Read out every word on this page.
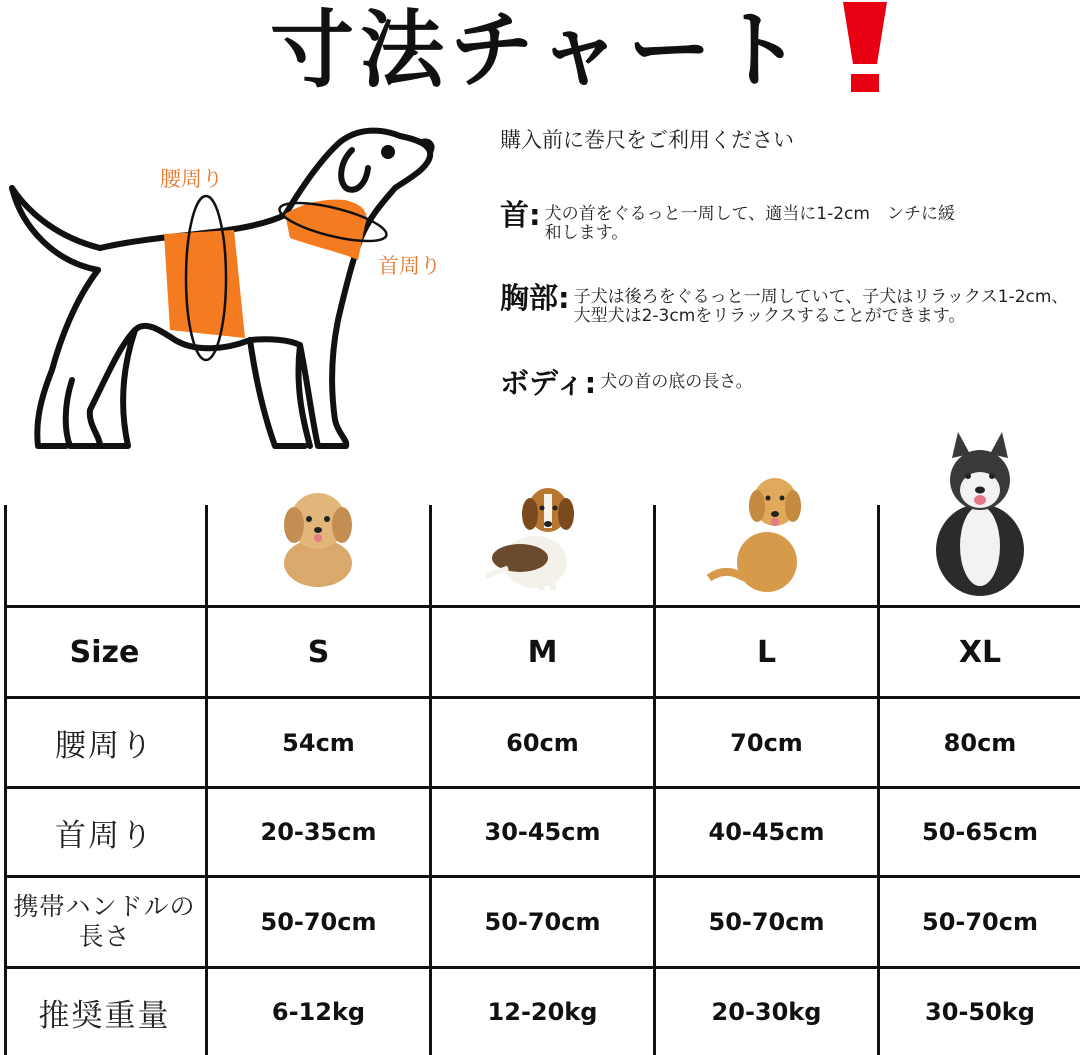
寸法チャート
腰周り
首周り
購入前に巻尺をご利用ください
首: 犬の首をぐるっと一周して、適当に1-2cm　ンチに緩和します。
胸部: 子犬は後ろをぐるっと一周していて、子犬はリラックス1-2cm、大型犬は2-3cmをリラックスすることができます。
ボディ: 犬の首の底の長さ。
Size	S	M	L	XL
腰周り	54cm	60cm	70cm	80cm
首周り	20-35cm	30-45cm	40-45cm	50-65cm
携帯ハンドルの長さ	50-70cm	50-70cm	50-70cm	50-70cm
推奨重量	6-12kg	12-20kg	20-30kg	30-50kg
